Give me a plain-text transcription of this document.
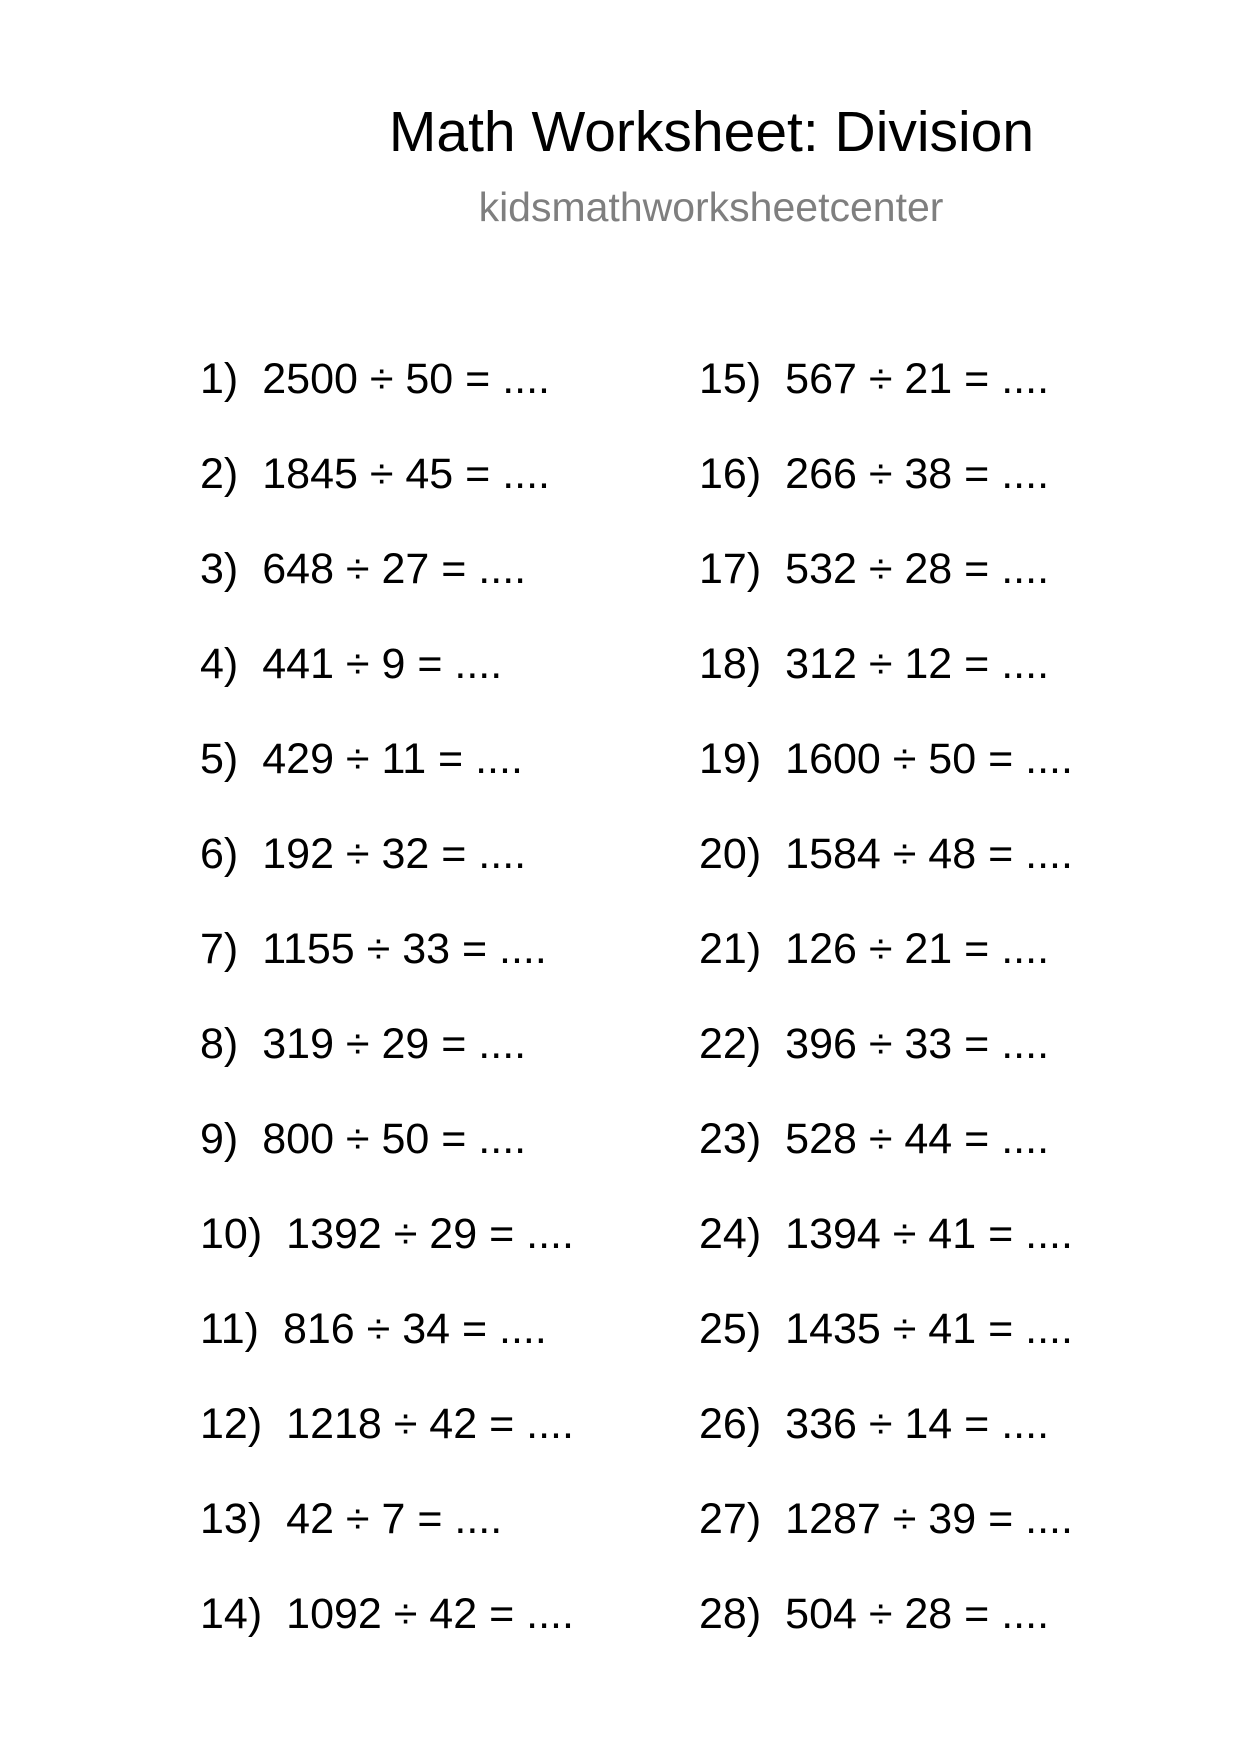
Math Worksheet: Division
kidsmathworksheetcenter
1) 2500 ÷ 50 = ....
2) 1845 ÷ 45 = ....
3) 648 ÷ 27 = ....
4) 441 ÷ 9 = ....
5) 429 ÷ 11 = ....
6) 192 ÷ 32 = ....
7) 1155 ÷ 33 = ....
8) 319 ÷ 29 = ....
9) 800 ÷ 50 = ....
10) 1392 ÷ 29 = ....
11) 816 ÷ 34 = ....
12) 1218 ÷ 42 = ....
13) 42 ÷ 7 = ....
14) 1092 ÷ 42 = ....
15) 567 ÷ 21 = ....
16) 266 ÷ 38 = ....
17) 532 ÷ 28 = ....
18) 312 ÷ 12 = ....
19) 1600 ÷ 50 = ....
20) 1584 ÷ 48 = ....
21) 126 ÷ 21 = ....
22) 396 ÷ 33 = ....
23) 528 ÷ 44 = ....
24) 1394 ÷ 41 = ....
25) 1435 ÷ 41 = ....
26) 336 ÷ 14 = ....
27) 1287 ÷ 39 = ....
28) 504 ÷ 28 = ....
